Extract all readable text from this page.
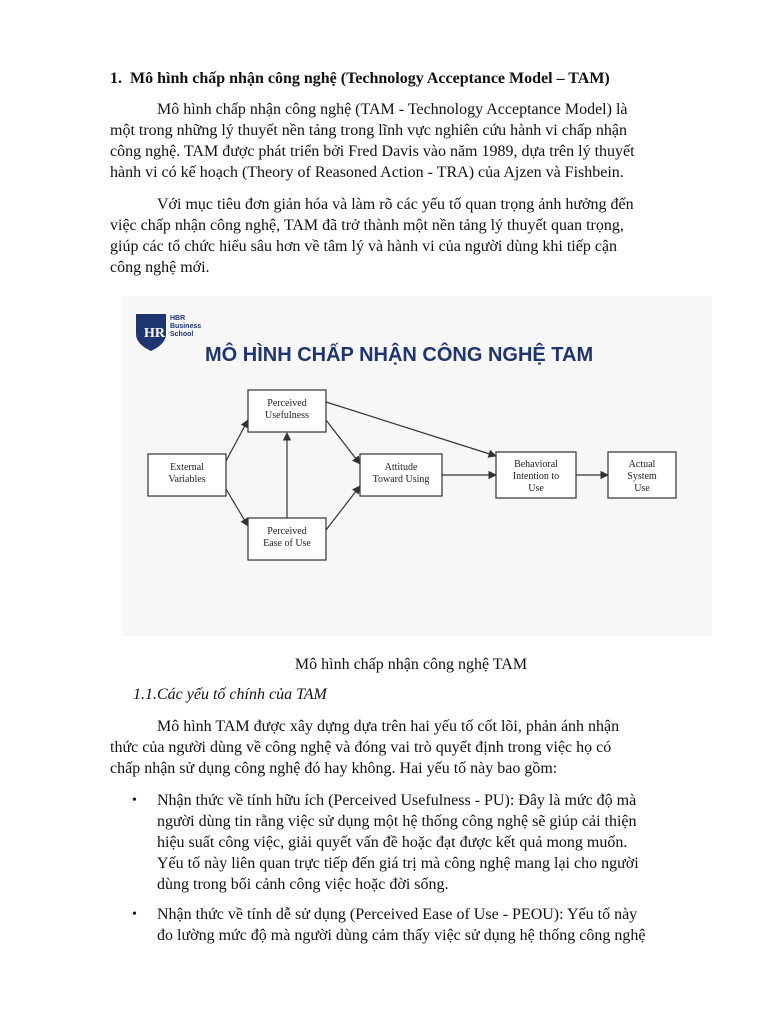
1. Mô hình chấp nhận công nghệ (Technology Acceptance Model – TAM)

Mô hình chấp nhận công nghệ (TAM - Technology Acceptance Model) là
một trong những lý thuyết nền tảng trong lĩnh vực nghiên cứu hành vi chấp nhận
công nghệ. TAM được phát triển bởi Fred Davis vào năm 1989, dựa trên lý thuyết
hành vi có kế hoạch (Theory of Reasoned Action - TRA) của Ajzen và Fishbein.

Với mục tiêu đơn giản hóa và làm rõ các yếu tố quan trọng ảnh hưởng đến
việc chấp nhận công nghệ, TAM đã trở thành một nền tảng lý thuyết quan trọng,
giúp các tổ chức hiểu sâu hơn về tâm lý và hành vi của người dùng khi tiếp cận
công nghệ mới.

HR
HBR
Business
School
MÔ HÌNH CHẤP NHẬN CÔNG NGHỆ TAM
External
Variables
Perceived
Usefulness
Perceived
Ease of Use
Attitude
Toward Using
Behavioral
Intention to
Use
Actual
System
Use
Mô hình chấp nhận công nghệ TAM
1.1.Các yếu tố chính của TAM

Mô hình TAM được xây dựng dựa trên hai yếu tố cốt lõi, phản ánh nhận
thức của người dùng về công nghệ và đóng vai trò quyết định trong việc họ có
chấp nhận sử dụng công nghệ đó hay không. Hai yếu tố này bao gồm:

• Nhận thức về tính hữu ích (Perceived Usefulness - PU): Đây là mức độ mà
người dùng tin rằng việc sử dụng một hệ thống công nghệ sẽ giúp cải thiện
hiệu suất công việc, giải quyết vấn đề hoặc đạt được kết quả mong muốn.
Yếu tố này liên quan trực tiếp đến giá trị mà công nghệ mang lại cho người
dùng trong bối cảnh công việc hoặc đời sống.
• Nhận thức về tính dễ sử dụng (Perceived Ease of Use - PEOU): Yếu tố này
đo lường mức độ mà người dùng cảm thấy việc sử dụng hệ thống công nghệ
